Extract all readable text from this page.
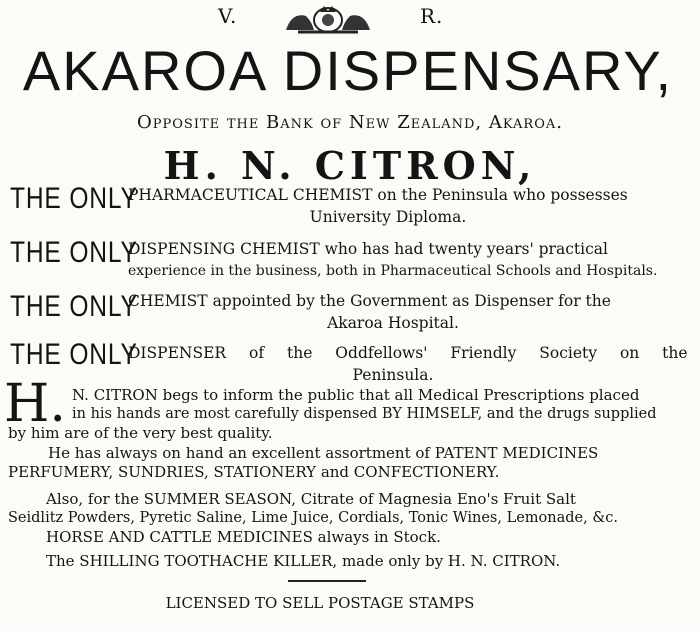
V.	R.
AKAROA DISPENSARY,
Opposite the Bank of New Zealand, Akaroa.
H. N. CITRON,
THE ONLY
PHARMACEUTICAL CHEMIST on the Peninsula who possesses
University Diploma.
THE ONLY
DISPENSING CHEMIST who has had twenty years' practical
experience in the business, both in Pharmaceutical Schools and Hospitals.
THE ONLY
CHEMIST appointed by the Government as Dispenser for the
Akaroa Hospital.
THE ONLY
DISPENSER of the Oddfellows' Friendly Society on the
Peninsula.
H. N. CITRON begs to inform the public that all Medical Prescriptions placed
in his hands are most carefully dispensed BY HIMSELF, and the drugs supplied
by him are of the very best quality.
He has always on hand an excellent assortment of PATENT MEDICINES
PERFUMERY, SUNDRIES, STATIONERY and CONFECTIONERY.
Also, for the SUMMER SEASON, Citrate of Magnesia Eno's Fruit Salt
Seidlitz Powders, Pyretic Saline, Lime Juice, Cordials, Tonic Wines, Lemonade, &c.
HORSE AND CATTLE MEDICINES always in Stock.
The SHILLING TOOTHACHE KILLER, made only by H. N. CITRON.
LICENSED TO SELL POSTAGE STAMPS
